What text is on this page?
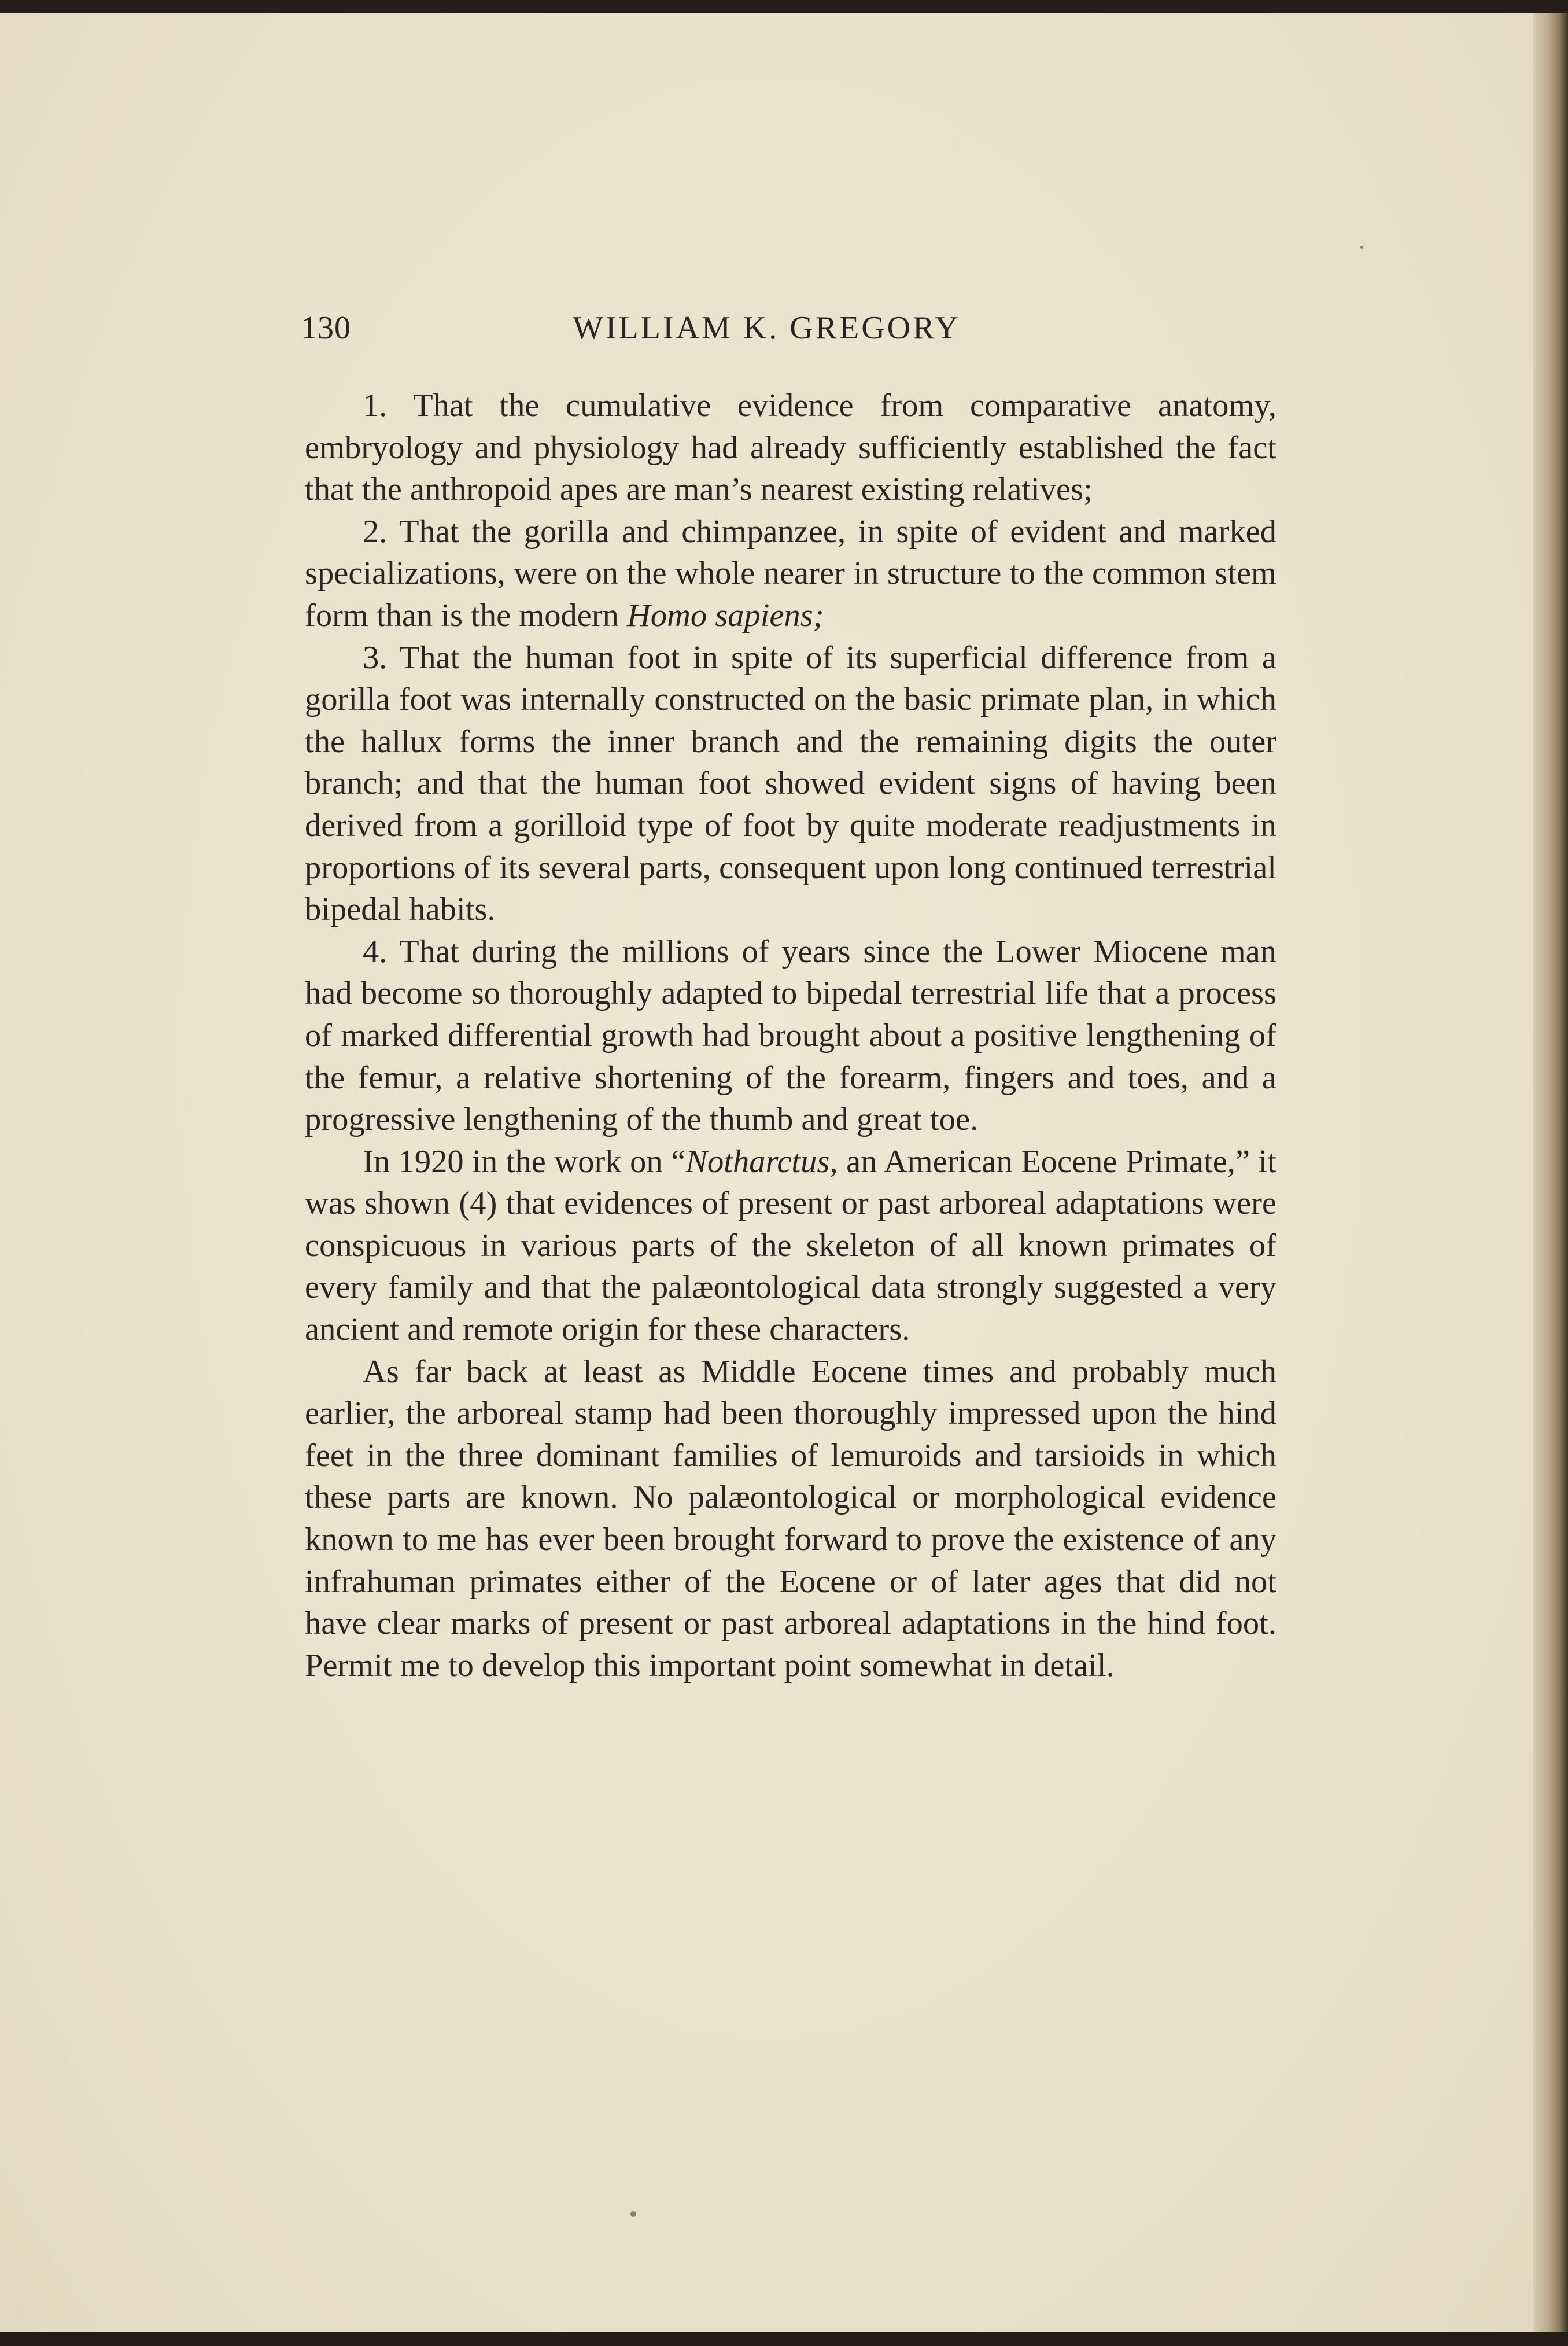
130	WILLIAM K. GREGORY

1. That the cumulative evidence from comparative anatomy, embryology and physiology had already sufficiently established the fact that the anthropoid apes are man’s nearest existing relatives;

2. That the gorilla and chimpanzee, in spite of evident and marked specializations, were on the whole nearer in structure to the common stem form than is the modern Homo sapiens;

3. That the human foot in spite of its superficial difference from a gorilla foot was internally constructed on the basic primate plan, in which the hallux forms the inner branch and the remaining digits the outer branch; and that the human foot showed evident signs of having been derived from a gorilloid type of foot by quite moderate readjustments in proportions of its several parts, consequent upon long continued terrestrial bipedal habits.

4. That during the millions of years since the Lower Miocene man had become so thoroughly adapted to bipedal terrestrial life that a process of marked differential growth had brought about a positive lengthening of the femur, a relative shortening of the forearm, fingers and toes, and a progressive lengthening of the thumb and great toe.

In 1920 in the work on “Notharctus, an American Eocene Primate,” it was shown (4) that evidences of present or past arboreal adaptations were conspicuous in various parts of the skeleton of all known primates of every family and that the palæontological data strongly suggested a very ancient and remote origin for these characters.

As far back at least as Middle Eocene times and probably much earlier, the arboreal stamp had been thoroughly impressed upon the hind feet in the three dominant families of lemuroids and tarsioids in which these parts are known. No palæontological or morphological evidence known to me has ever been brought forward to prove the existence of any infrahuman primates either of the Eocene or of later ages that did not have clear marks of present or past arboreal adaptations in the hind foot. Permit me to develop this important point somewhat in detail.
